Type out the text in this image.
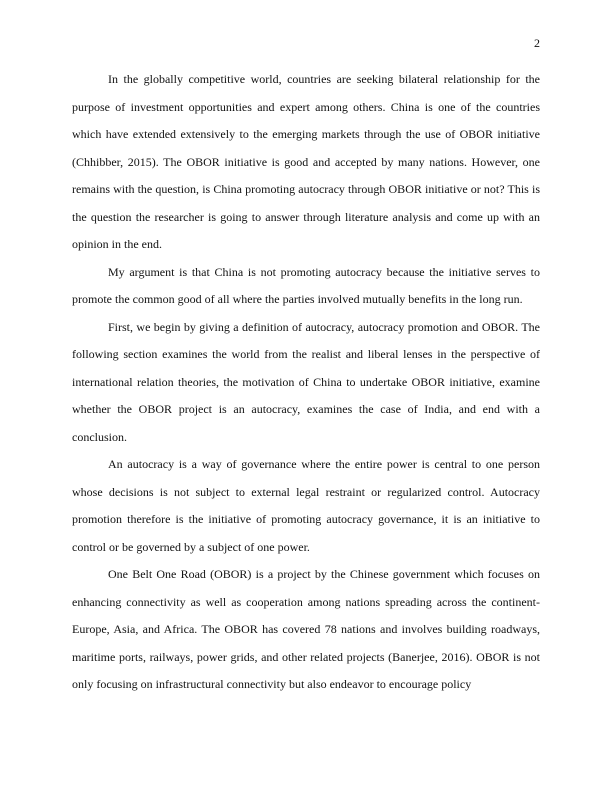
2

In the globally competitive world, countries are seeking bilateral relationship for the purpose of investment opportunities and expert among others. China is one of the countries which have extended extensively to the emerging markets through the use of OBOR initiative (Chhibber, 2015). The OBOR initiative is good and accepted by many nations. However, one remains with the question, is China promoting autocracy through OBOR initiative or not? This is the question the researcher is going to answer through literature analysis and come up with an opinion in the end.

My argument is that China is not promoting autocracy because the initiative serves to promote the common good of all where the parties involved mutually benefits in the long run.

First, we begin by giving a definition of autocracy, autocracy promotion and OBOR. The following section examines the world from the realist and liberal lenses in the perspective of international relation theories, the motivation of China to undertake OBOR initiative, examine whether the OBOR project is an autocracy, examines the case of India, and end with a conclusion.

An autocracy is a way of governance where the entire power is central to one person whose decisions is not subject to external legal restraint or regularized control. Autocracy promotion therefore is the initiative of promoting autocracy governance, it is an initiative to control or be governed by a subject of one power.

One Belt One Road (OBOR) is a project by the Chinese government which focuses on enhancing connectivity as well as cooperation among nations spreading across the continent- Europe, Asia, and Africa. The OBOR has covered 78 nations and involves building roadways, maritime ports, railways, power grids, and other related projects (Banerjee, 2016). OBOR is not only focusing on infrastructural connectivity but also endeavor to encourage policy
